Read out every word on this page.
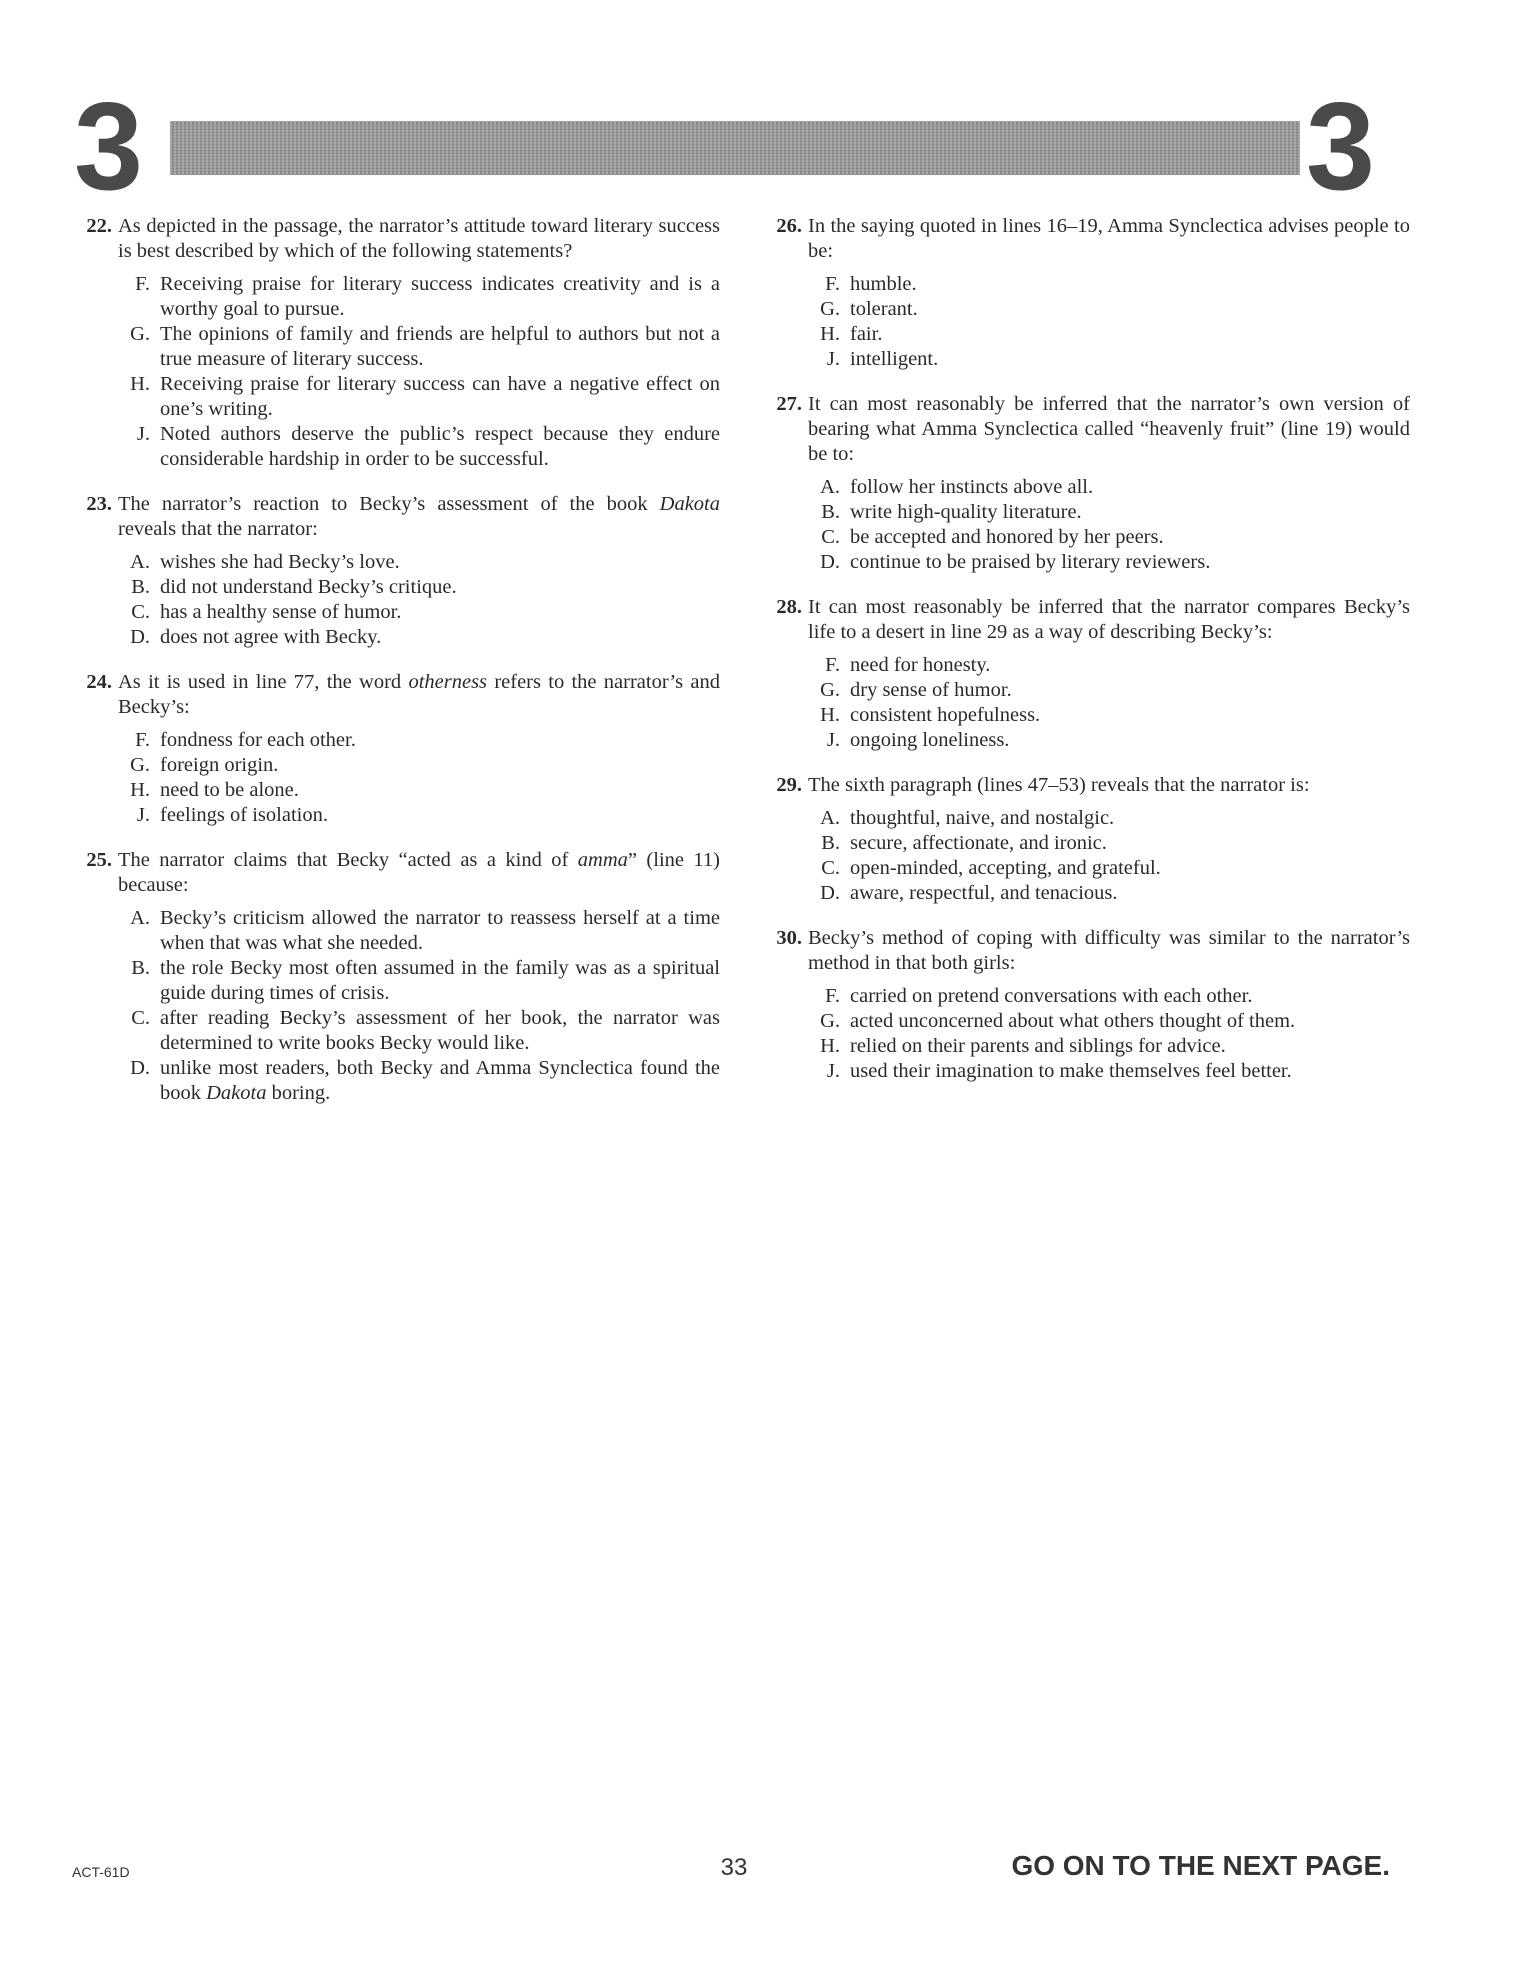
3	3
22. As depicted in the passage, the narrator’s attitude toward literary success is best described by which of the following statements?
F. Receiving praise for literary success indicates creativity and is a worthy goal to pursue.
G. The opinions of family and friends are helpful to authors but not a true measure of literary success.
H. Receiving praise for literary success can have a negative effect on one’s writing.
J. Noted authors deserve the public’s respect because they endure considerable hardship in order to be successful.
23. The narrator’s reaction to Becky’s assessment of the book Dakota reveals that the narrator:
A. wishes she had Becky’s love.
B. did not understand Becky’s critique.
C. has a healthy sense of humor.
D. does not agree with Becky.
24. As it is used in line 77, the word otherness refers to the narrator’s and Becky’s:
F. fondness for each other.
G. foreign origin.
H. need to be alone.
J. feelings of isolation.
25. The narrator claims that Becky “acted as a kind of amma” (line 11) because:
A. Becky’s criticism allowed the narrator to reassess herself at a time when that was what she needed.
B. the role Becky most often assumed in the family was as a spiritual guide during times of crisis.
C. after reading Becky’s assessment of her book, the narrator was determined to write books Becky would like.
D. unlike most readers, both Becky and Amma Synclectica found the book Dakota boring.
26. In the saying quoted in lines 16–19, Amma Synclectica advises people to be:
F. humble.
G. tolerant.
H. fair.
J. intelligent.
27. It can most reasonably be inferred that the narrator’s own version of bearing what Amma Synclectica called “heavenly fruit” (line 19) would be to:
A. follow her instincts above all.
B. write high-quality literature.
C. be accepted and honored by her peers.
D. continue to be praised by literary reviewers.
28. It can most reasonably be inferred that the narrator compares Becky’s life to a desert in line 29 as a way of describing Becky’s:
F. need for honesty.
G. dry sense of humor.
H. consistent hopefulness.
J. ongoing loneliness.
29. The sixth paragraph (lines 47–53) reveals that the narrator is:
A. thoughtful, naive, and nostalgic.
B. secure, affectionate, and ironic.
C. open-minded, accepting, and grateful.
D. aware, respectful, and tenacious.
30. Becky’s method of coping with difficulty was similar to the narrator’s method in that both girls:
F. carried on pretend conversations with each other.
G. acted unconcerned about what others thought of them.
H. relied on their parents and siblings for advice.
J. used their imagination to make themselves feel better.
ACT-61D	33	GO ON TO THE NEXT PAGE.
